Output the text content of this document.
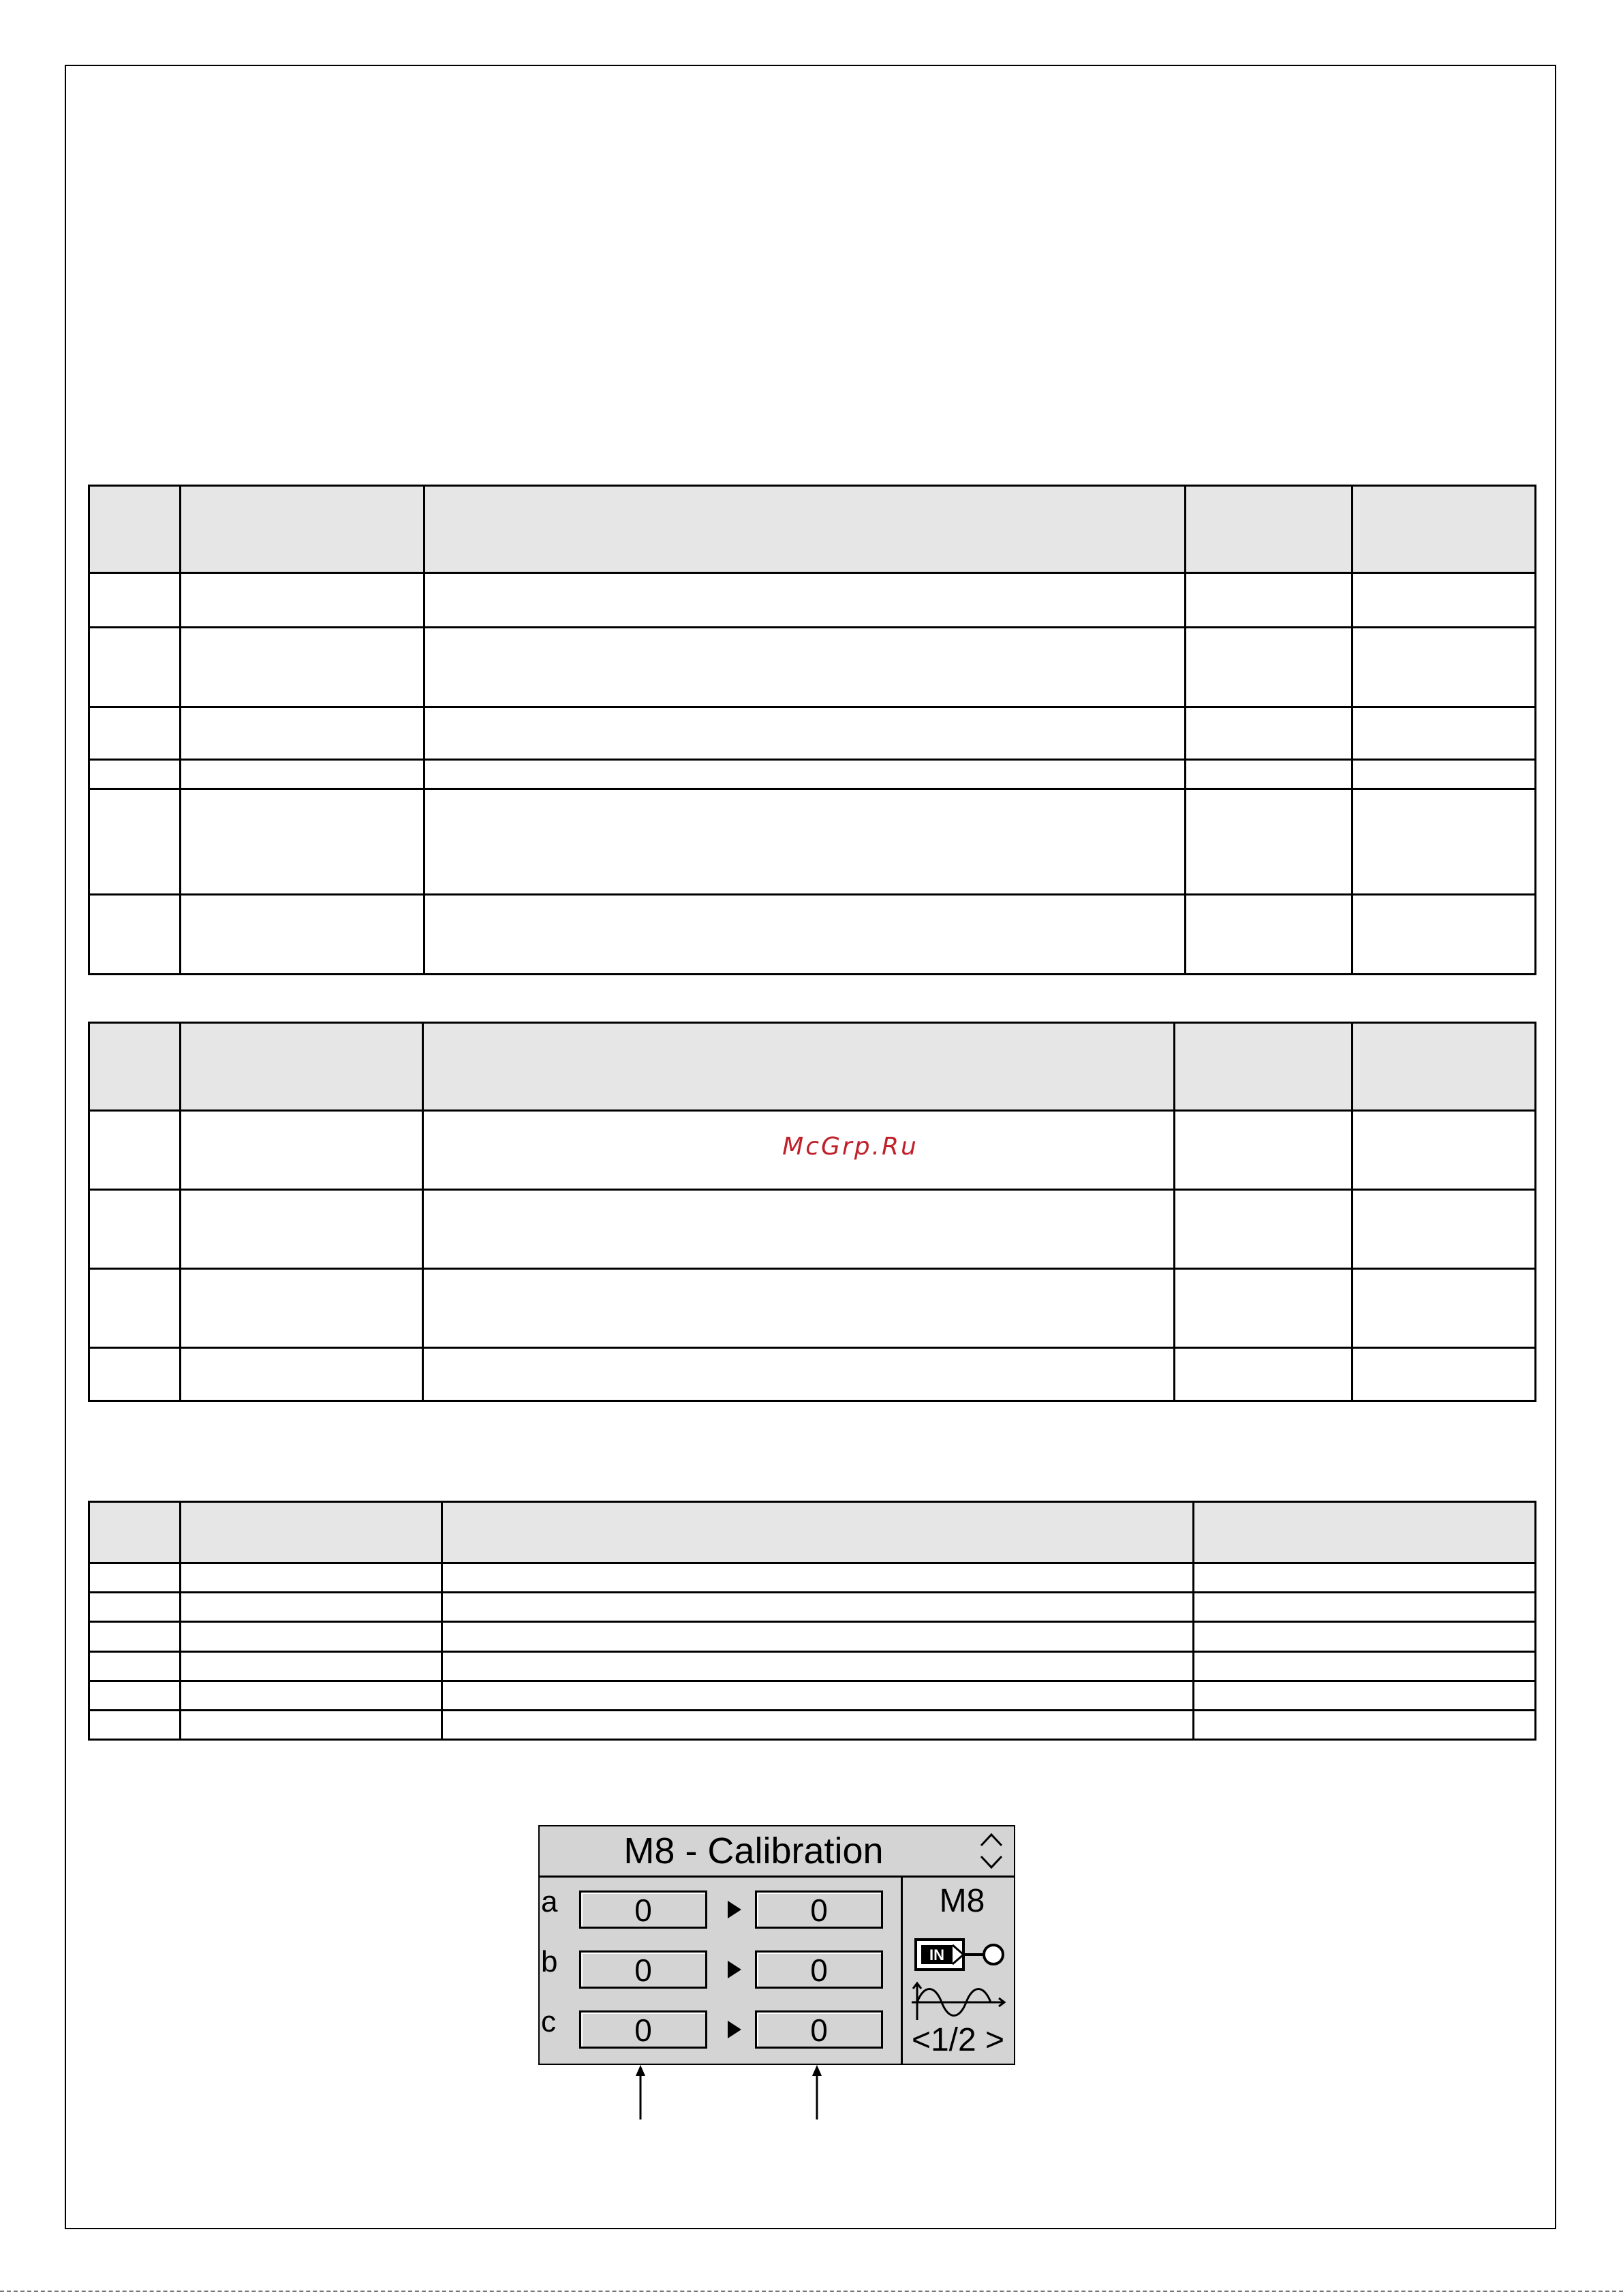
McGrp.Ru

M8 - Calibration
a	0	0
b	0	0
c	0	0
M8
IN
<1/2 >
